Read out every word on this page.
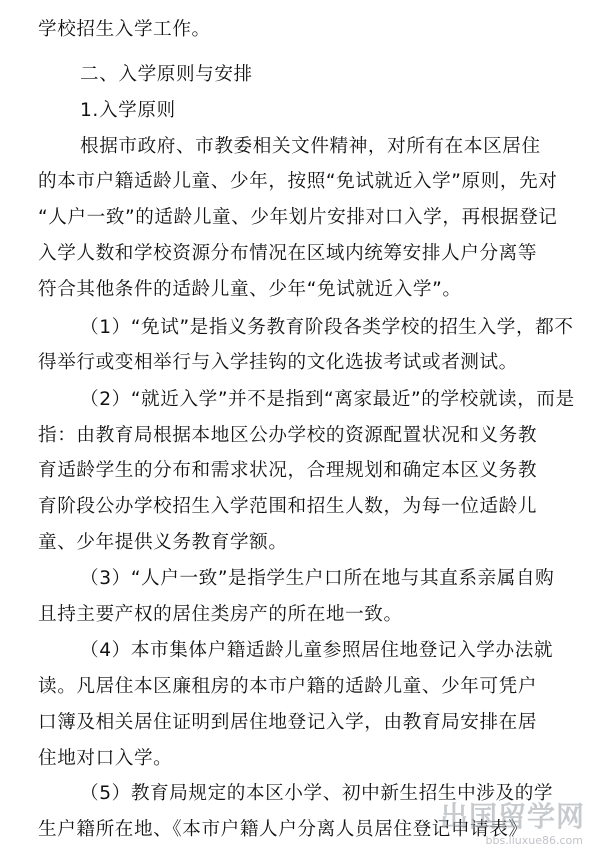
学校招生入学工作。
二、入学原则与安排
1.入学原则
根据市政府、市教委相关文件精神，对所有在本区居住
的本市户籍适龄儿童、少年，按照“免试就近入学”原则，先对
“人户一致”的适龄儿童、少年划片安排对口入学，再根据登记
入学人数和学校资源分布情况在区域内统筹安排人户分离等
符合其他条件的适龄儿童、少年“免试就近入学”。
（1）“免试”是指义务教育阶段各类学校的招生入学，都不
得举行或变相举行与入学挂钩的文化选拔考试或者测试。
（2）“就近入学”并不是指到“离家最近”的学校就读，而是
指：由教育局根据本地区公办学校的资源配置状况和义务教
育适龄学生的分布和需求状况，合理规划和确定本区义务教
育阶段公办学校招生入学范围和招生人数，为每一位适龄儿
童、少年提供义务教育学额。
（3）“人户一致”是指学生户口所在地与其直系亲属自购
且持主要产权的居住类房产的所在地一致。
（4）本市集体户籍适龄儿童参照居住地登记入学办法就
读。凡居住本区廉租房的本市户籍的适龄儿童、少年可凭户
口簿及相关居住证明到居住地登记入学，由教育局安排在居
住地对口入学。
（5）教育局规定的本区小学、初中新生招生中涉及的学
生户籍所在地、《本市户籍人户分离人员居住登记申请表》
出国留学网
bbs.liuxue86.com
